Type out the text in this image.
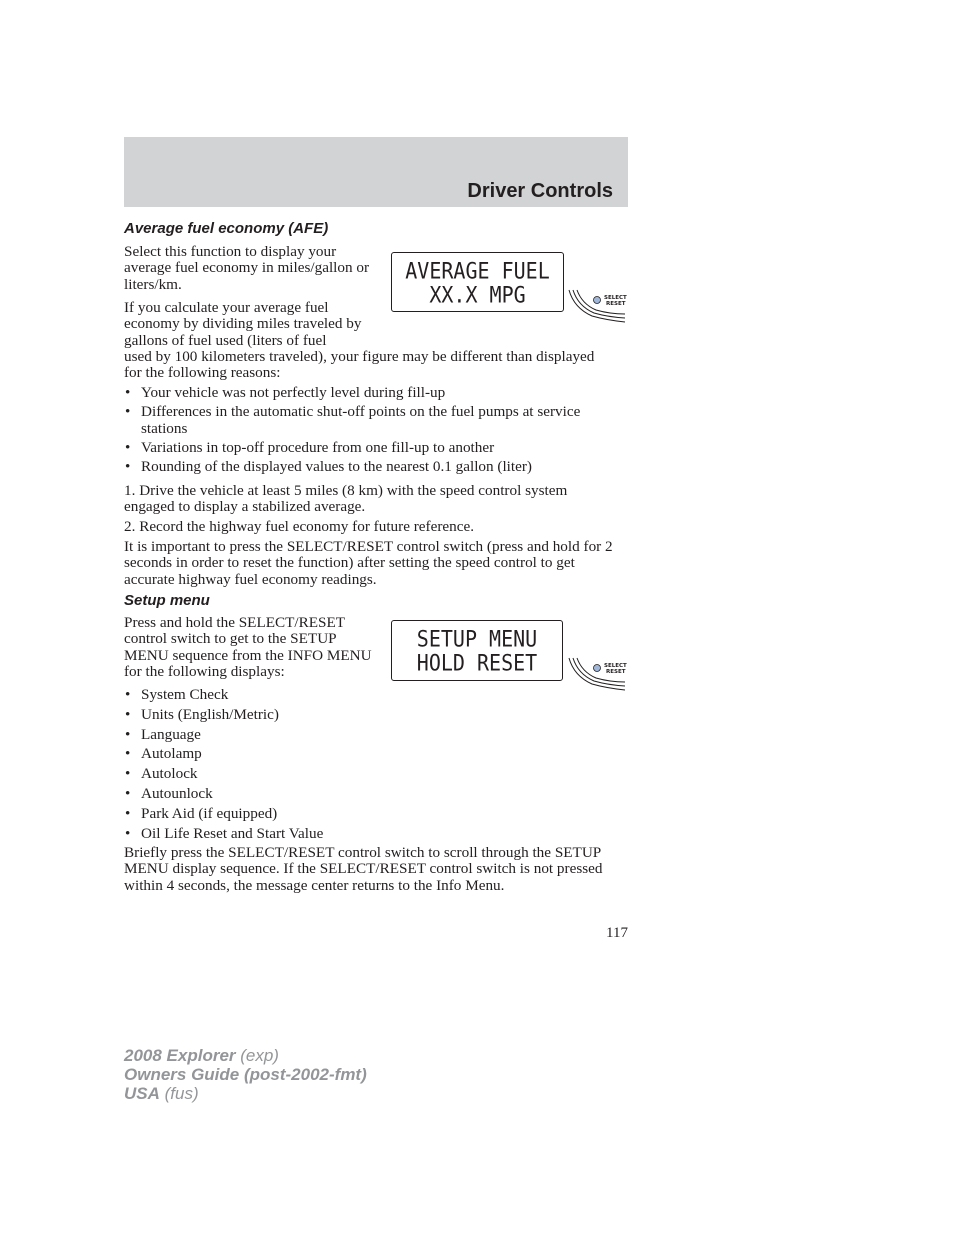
Driver Controls
Average fuel economy (AFE)

Select this function to display your average fuel economy in miles/gallon or liters/km.

If you calculate your average fuel economy by dividing miles traveled by gallons of fuel used (liters of fuel

used by 100 kilometers traveled), your figure may be different than displayed for the following reasons:

AVERAGE FUEL
XX.X MPG	SELECT
RESET
• Your vehicle was not perfectly level during fill-up
• Differences in the automatic shut-off points on the fuel pumps at service stations
• Variations in top-off procedure from one fill-up to another
• Rounding of the displayed values to the nearest 0.1 gallon (liter)

1. Drive the vehicle at least 5 miles (8 km) with the speed control system engaged to display a stabilized average.

2. Record the highway fuel economy for future reference.

It is important to press the SELECT/RESET control switch (press and hold for 2 seconds in order to reset the function) after setting the speed control to get accurate highway fuel economy readings.

Setup menu

Press and hold the SELECT/RESET control switch to get to the SETUP MENU sequence from the INFO MENU for the following displays:

SETUP MENU
HOLD RESET	SELECT
RESET
• System Check
• Units (English/Metric)
• Language
• Autolamp
• Autolock
• Autounlock
• Park Aid (if equipped)
• Oil Life Reset and Start Value

Briefly press the SELECT/RESET control switch to scroll through the SETUP MENU display sequence. If the SELECT/RESET control switch is not pressed within 4 seconds, the message center returns to the Info Menu.

117
2008 Explorer (exp)
Owners Guide (post-2002-fmt)
USA (fus)
